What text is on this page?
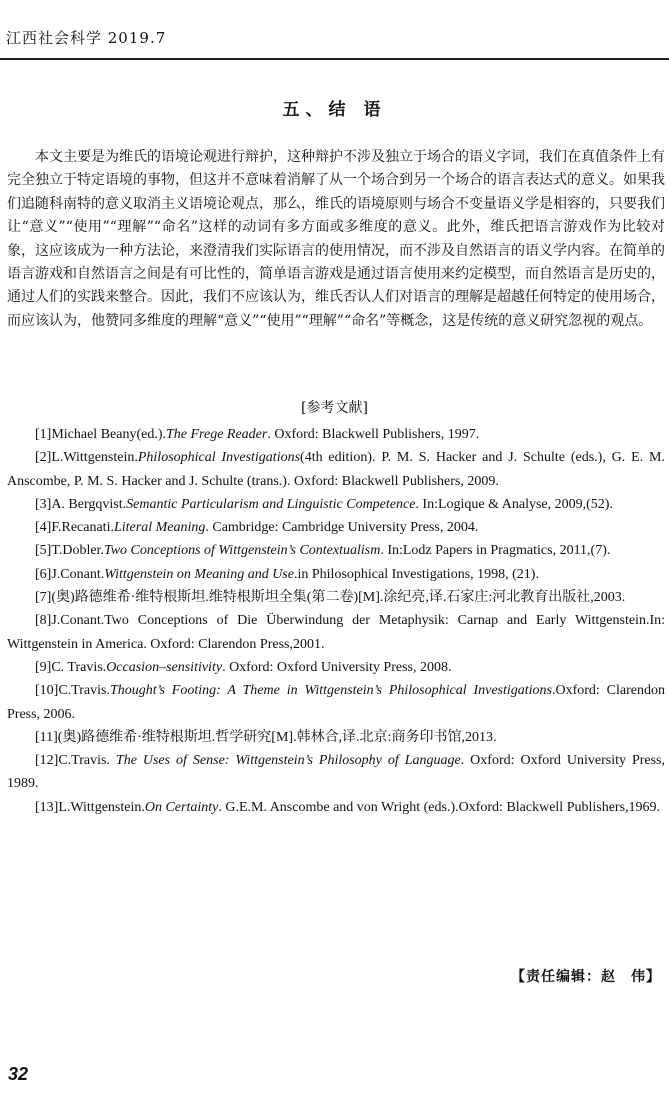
江西社会科学 2019.7
五、结 语

本文主要是为维氏的语境论观进行辩护，这种辩护不涉及独立于场合的语义字词，我们在真值条件上有完全独立于特定语境的事物，但这并不意味着消解了从一个场合到另一个场合的语言表达式的意义。如果我们追随科南特的意义取消主义语境论观点，那么，维氏的语境原则与场合不变量语义学是相容的，只要我们让“意义”“使用”“理解”“命名”这样的动词有多方面或多维度的意义。此外，维氏把语言游戏作为比较对象，这应该成为一种方法论，来澄清我们实际语言的使用情况，而不涉及自然语言的语义学内容。在简单的语言游戏和自然语言之间是有可比性的，简单语言游戏是通过语言使用来约定模型，而自然语言是历史的，通过人们的实践来整合。因此，我们不应该认为，维氏否认人们对语言的理解是超越任何特定的使用场合，而应该认为，他赞同多维度的理解“意义”“使用”“理解”“命名”等概念，这是传统的意义研究忽视的观点。

[参考文献]

[1]Michael Beany(ed.).The Frege Reader. Oxford: Blackwell Publishers, 1997.

[2]L.Wittgenstein.Philosophical Investigations(4th edition). P. M. S. Hacker and J. Schulte (eds.), G. E. M. Anscombe, P. M. S. Hacker and J. Schulte (trans.). Oxford: Blackwell Publishers, 2009.

[3]A. Bergqvist.Semantic Particularism and Linguistic Competence. In:Logique & Analyse, 2009,(52).

[4]F.Recanati.Literal Meaning. Cambridge: Cambridge University Press, 2004.

[5]T.Dobler.Two Conceptions of Wittgenstein’s Contextualism. In:Lodz Papers in Pragmatics, 2011,(7).

[6]J.Conant.Wittgenstein on Meaning and Use.in Philosophical Investigations, 1998, (21).

[7](奥)路德维希·维特根斯坦.维特根斯坦全集(第二卷)[M].涂纪亮,译.石家庄:河北教育出版社,2003.

[8]J.Conant.Two Conceptions of Die Überwindung der Metaphysik: Carnap and Early Wittgenstein.In: Wittgenstein in America. Oxford: Clarendon Press,2001.

[9]C. Travis.Occasion–sensitivity. Oxford: Oxford University Press, 2008.

[10]C.Travis.Thought’s Footing: A Theme in Wittgenstein’s Philosophical Investigations.Oxford: Clarendon Press, 2006.

[11](奥)路德维希·维特根斯坦.哲学研究[M].韩林合,译.北京:商务印书馆,2013.

[12]C.Travis. The Uses of Sense: Wittgenstein’s Philosophy of Language. Oxford: Oxford University Press, 1989.

[13]L.Wittgenstein.On Certainty. G.E.M. Anscombe and von Wright (eds.).Oxford: Blackwell Publishers,1969.

【责任编辑：赵　伟】
32
